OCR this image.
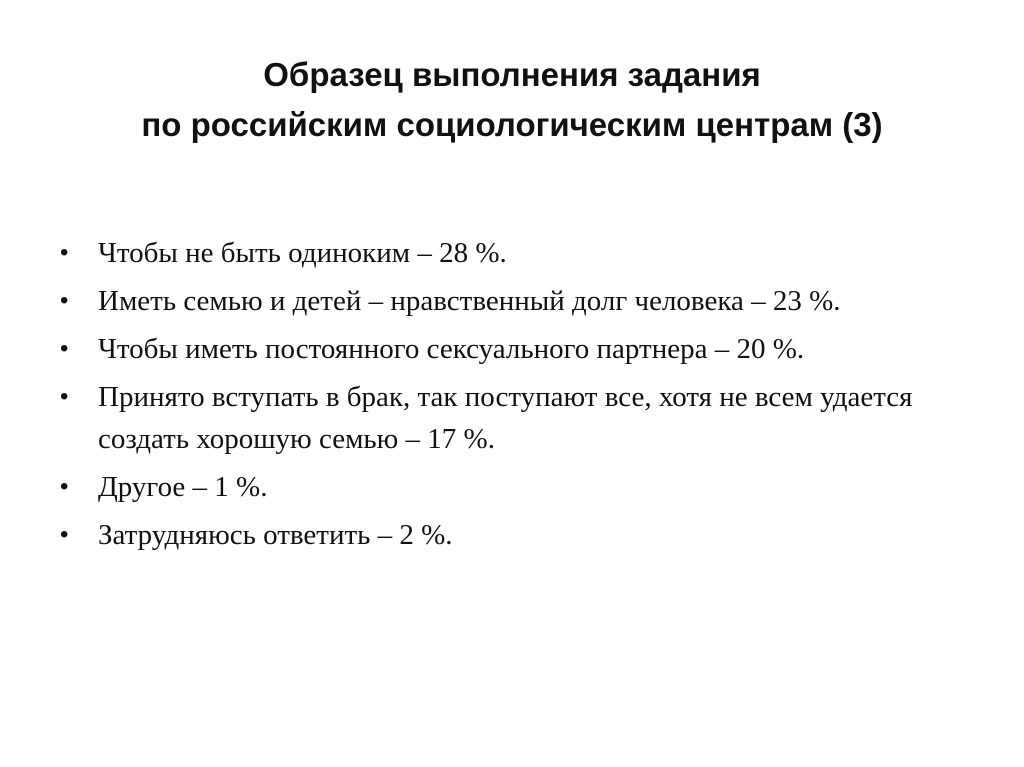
Образец выполнения задания
по российским социологическим центрам (3)
• Чтобы не быть одиноким – 28 %.
• Иметь семью и детей – нравственный долг человека – 23 %.
• Чтобы иметь постоянного сексуального партнера – 20 %.
• Принято вступать в брак, так поступают все, хотя не всем удается создать хорошую семью – 17 %.
• Другое – 1 %.
• Затрудняюсь ответить – 2 %.
